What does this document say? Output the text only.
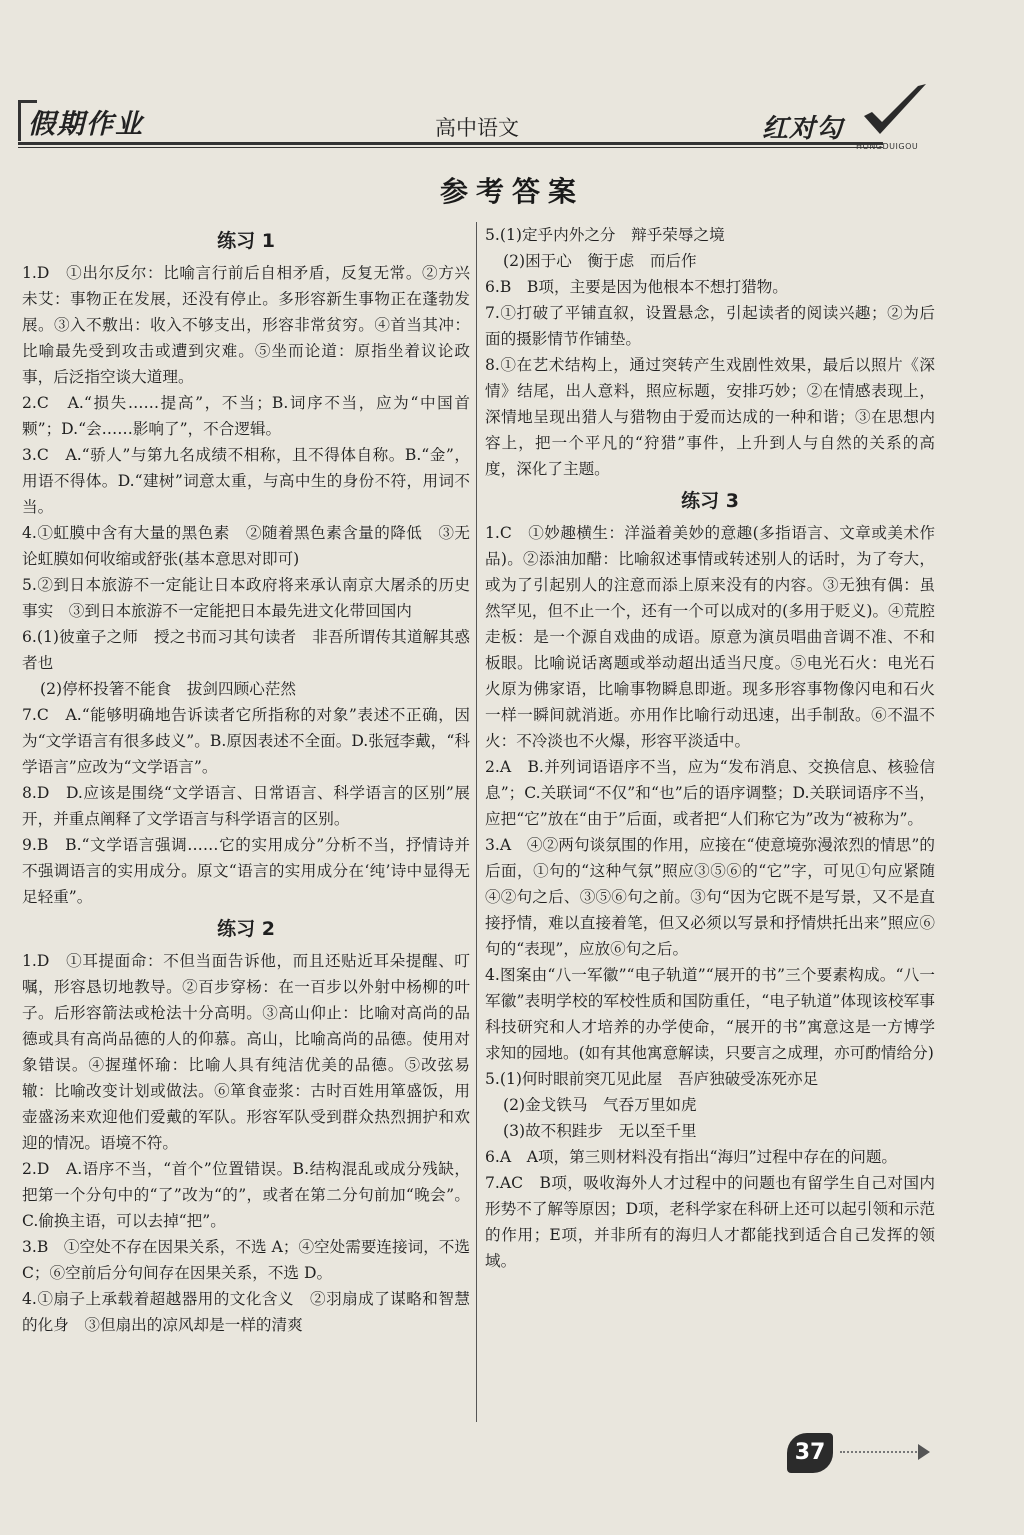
假期作业	高中语文	红对勾
HONGDUIGOU
参考答案
练习 1
1.D　①出尔反尔：比喻言行前后自相矛盾，反复无常。②方兴未艾：事物正在发展，还没有停止。多形容新生事物正在蓬勃发展。③入不敷出：收入不够支出，形容非常贫穷。④首当其冲：比喻最先受到攻击或遭到灾难。⑤坐而论道：原指坐着议论政事，后泛指空谈大道理。
2.C　A.“损失……提高”，不当；B.词序不当，应为“中国首颗”；D.“会……影响了”，不合逻辑。
3.C　A.“骄人”与第九名成绩不相称，且不得体自称。B.“金”，用语不得体。D.“建树”词意太重，与高中生的身份不符，用词不当。
4.①虹膜中含有大量的黑色素　②随着黑色素含量的降低　③无论虹膜如何收缩或舒张(基本意思对即可)
5.②到日本旅游不一定能让日本政府将来承认南京大屠杀的历史事实　③到日本旅游不一定能把日本最先进文化带回国内
6.(1)彼童子之师　授之书而习其句读者　非吾所谓传其道解其惑者也
(2)停杯投箸不能食　拔剑四顾心茫然
7.C　A.“能够明确地告诉读者它所指称的对象”表述不正确，因为“文学语言有很多歧义”。B.原因表述不全面。D.张冠李戴，“科学语言”应改为“文学语言”。
8.D　D.应该是围绕“文学语言、日常语言、科学语言的区别”展开，并重点阐释了文学语言与科学语言的区别。
9.B　B.“文学语言强调……它的实用成分”分析不当，抒情诗并不强调语言的实用成分。原文“语言的实用成分在‘纯’诗中显得无足轻重”。
练习 2
1.D　①耳提面命：不但当面告诉他，而且还贴近耳朵提醒、叮嘱，形容恳切地教导。②百步穿杨：在一百步以外射中杨柳的叶子。后形容箭法或枪法十分高明。③高山仰止：比喻对高尚的品德或具有高尚品德的人的仰慕。高山，比喻高尚的品德。使用对象错误。④握瑾怀瑜：比喻人具有纯洁优美的品德。⑤改弦易辙：比喻改变计划或做法。⑥箪食壶浆：古时百姓用箪盛饭，用壶盛汤来欢迎他们爱戴的军队。形容军队受到群众热烈拥护和欢迎的情况。语境不符。
2.D　A.语序不当，“首个”位置错误。B.结构混乱或成分残缺，把第一个分句中的“了”改为“的”，或者在第二分句前加“晚会”。C.偷换主语，可以去掉“把”。
3.B　①空处不存在因果关系，不选 A；④空处需要连接词，不选 C；⑥空前后分句间存在因果关系，不选 D。
4.①扇子上承载着超越器用的文化含义　②羽扇成了谋略和智慧的化身　③但扇出的凉风却是一样的清爽
5.(1)定乎内外之分　辩乎荣辱之境
(2)困于心　衡于虑　而后作
6.B　B项，主要是因为他根本不想打猎物。
7.①打破了平铺直叙，设置悬念，引起读者的阅读兴趣；②为后面的摄影情节作铺垫。
8.①在艺术结构上，通过突转产生戏剧性效果，最后以照片《深情》结尾，出人意料，照应标题，安排巧妙；②在情感表现上，深情地呈现出猎人与猎物由于爱而达成的一种和谐；③在思想内容上，把一个平凡的“狩猎”事件，上升到人与自然的关系的高度，深化了主题。
练习 3
1.C　①妙趣横生：洋溢着美妙的意趣(多指语言、文章或美术作品)。②添油加醋：比喻叙述事情或转述别人的话时，为了夸大，或为了引起别人的注意而添上原来没有的内容。③无独有偶：虽然罕见，但不止一个，还有一个可以成对的(多用于贬义)。④荒腔走板：是一个源自戏曲的成语。原意为演员唱曲音调不准、不和板眼。比喻说话离题或举动超出适当尺度。⑤电光石火：电光石火原为佛家语，比喻事物瞬息即逝。现多形容事物像闪电和石火一样一瞬间就消逝。亦用作比喻行动迅速，出手制敌。⑥不温不火：不冷淡也不火爆，形容平淡适中。
2.A　B.并列词语语序不当，应为“发布消息、交换信息、核验信息”；C.关联词“不仅”和“也”后的语序调整；D.关联词语序不当，应把“它”放在“由于”后面，或者把“人们称它为”改为“被称为”。
3.A　④②两句谈氛围的作用，应接在“使意境弥漫浓烈的情思”的后面，①句的“这种气氛”照应③⑤⑥的“它”字，可见①句应紧随④②句之后、③⑤⑥句之前。③句“因为它既不是写景，又不是直接抒情，难以直接着笔，但又必须以写景和抒情烘托出来”照应⑥句的“表现”，应放⑥句之后。
4.图案由“八一军徽”“电子轨道”“展开的书”三个要素构成。“八一军徽”表明学校的军校性质和国防重任，“电子轨道”体现该校军事科技研究和人才培养的办学使命，“展开的书”寓意这是一方博学求知的园地。(如有其他寓意解读，只要言之成理，亦可酌情给分)
5.(1)何时眼前突兀见此屋　吾庐独破受冻死亦足
(2)金戈铁马　气吞万里如虎
(3)故不积跬步　无以至千里
6.A　A项，第三则材料没有指出“海归”过程中存在的问题。
7.AC　B项，吸收海外人才过程中的问题也有留学生自己对国内形势不了解等原因；D项，老科学家在科研上还可以起引领和示范的作用；E项，并非所有的海归人才都能找到适合自己发挥的领域。
37
